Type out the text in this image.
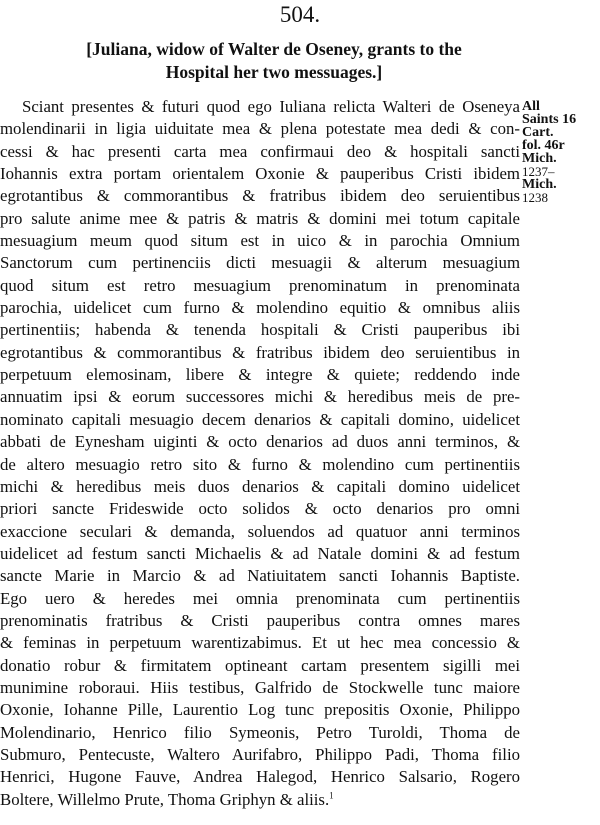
504.
[Juliana, widow of Walter de Oseney, grants to the
Hospital her two messuages.]
All
Saints 16
Cart.
fol. 46r
Mich.
1237–
Mich.
1238
Sciant presentes & futuri quod ego Iuliana relicta Walteri de Oseneya
molendinarii in ligia uiduitate mea & plena potestate mea dedi & con-
cessi & hac presenti carta mea confirmaui deo & hospitali sancti
Iohannis extra portam orientalem Oxonie & pauperibus Cristi ibidem
egrotantibus & commorantibus & fratribus ibidem deo seruientibus
pro salute anime mee & patris & matris & domini mei totum capitale
mesuagium meum quod situm est in uico & in parochia Omnium
Sanctorum cum pertinenciis dicti mesuagii & alterum mesuagium
quod situm est retro mesuagium prenominatum in prenominata
parochia, uidelicet cum furno & molendino equitio & omnibus aliis
pertinentiis; habenda & tenenda hospitali & Cristi pauperibus ibi
egrotantibus & commorantibus & fratribus ibidem deo seruientibus in
perpetuum elemosinam, libere & integre & quiete; reddendo inde
annuatim ipsi & eorum successores michi & heredibus meis de pre-
nominato capitali mesuagio decem denarios & capitali domino, uidelicet
abbati de Eynesham uiginti & octo denarios ad duos anni terminos, &
de altero mesuagio retro sito & furno & molendino cum pertinentiis
michi & heredibus meis duos denarios & capitali domino uidelicet
priori sancte Frideswide octo solidos & octo denarios pro omni
exaccione seculari & demanda, soluendos ad quatuor anni terminos
uidelicet ad festum sancti Michaelis & ad Natale domini & ad festum
sancte Marie in Marcio & ad Natiuitatem sancti Iohannis Baptiste.
Ego uero & heredes mei omnia prenominata cum pertinentiis
prenominatis fratribus & Cristi pauperibus contra omnes mares
& feminas in perpetuum warentizabimus. Et ut hec mea concessio &
donatio robur & firmitatem optineant cartam presentem sigilli mei
munimine roboraui. Hiis testibus, Galfrido de Stockwelle tunc maiore
Oxonie, Iohanne Pille, Laurentio Log tunc prepositis Oxonie, Philippo
Molendinario, Henrico filio Symeonis, Petro Turoldi, Thoma de
Submuro, Pentecuste, Waltero Aurifabro, Philippo Padi, Thoma filio
Henrici, Hugone Fauve, Andrea Halegod, Henrico Salsario, Rogero
Boltere, Willelmo Prute, Thoma Griphyn & aliis.$^1$
